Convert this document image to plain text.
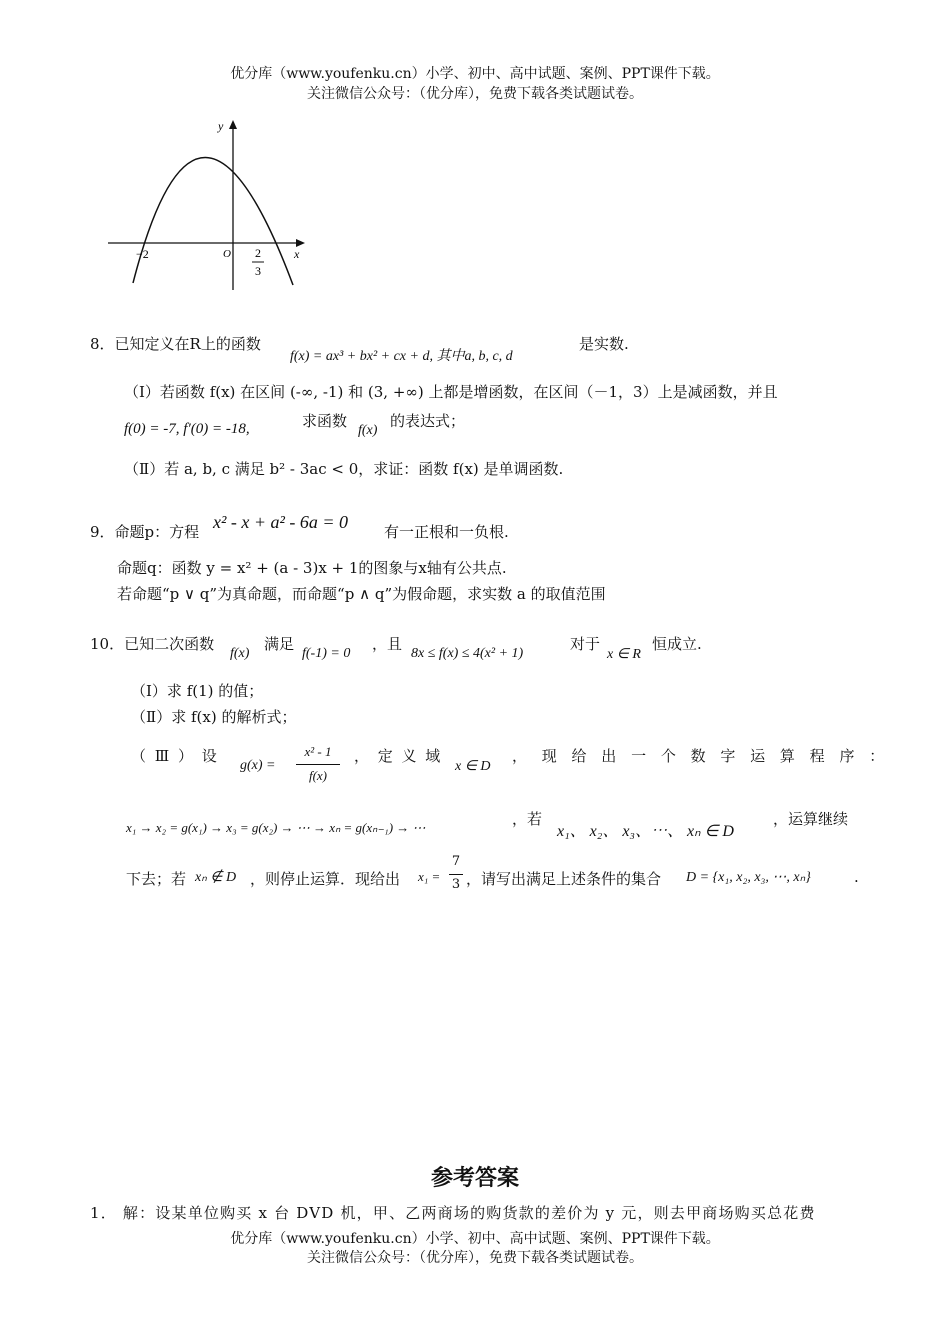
优分库（www.youfenku.cn）小学、初中、高中试题、案例、PPT课件下载。
关注微信公众号：（优分库），免费下载各类试题试卷。
y
x
O
−2	2
3
8．已知定义在R上的函数
f(x) = ax³ + bx² + cx + d, 其中a, b, c, d
是实数.
（Ⅰ）若函数 f(x) 在区间 (-∞, -1) 和 (3, +∞) 上都是增函数，在区间（－1，3）上是减函数，并且
f(0) = -7, f′(0) = -18,	求函数
f(x)
的表达式；
（Ⅱ）若 a, b, c 满足 b² - 3ac < 0，求证：函数 f(x) 是单调函数.
9．命题p：方程 x² - x + a² - 6a = 0 有一正根和一负根.
命题q：函数 y = x² + (a - 3)x + 1的图象与x轴有公共点.
若命题“p ∨ q”为真命题，而命题“p ∧ q”为假命题，求实数 a 的取值范围
10．已知二次函数
f(x)
满足
f(-1) = 0
，且
8x ≤ f(x) ≤ 4(x² + 1)
对于
x ∈ R
恒成立.
（Ⅰ）求 f(1) 的值；
（Ⅱ）求 f(x) 的解析式；
（ Ⅲ ） 设
g(x) =
x² - 1
f(x)
， 定 义 域
x ∈ D
， 现 给 出 一 个 数 字 运 算 程 序 ：
x₁ → x₂ = g(x₁) → x₃ = g(x₂) → ⋯ → xₙ = g(xₙ₋₁) → ⋯	，若
x₁、 x₂、 x₃、⋯、 xₙ ∈ D
，运算继续
下去；若 xₙ ∉ D ，则停止运算．现给出 x₁ =
7
3 ，请写出满足上述条件的集合 D = {x₁, x₂, x₃, ⋯, xₙ}	.
参考答案
1． 解：设某单位购买 x 台 DVD 机，甲、乙两商场的购货款的差价为 y 元，则去甲商场购买总花费
优分库（www.youfenku.cn）小学、初中、高中试题、案例、PPT课件下载。
关注微信公众号：（优分库），免费下载各类试题试卷。
